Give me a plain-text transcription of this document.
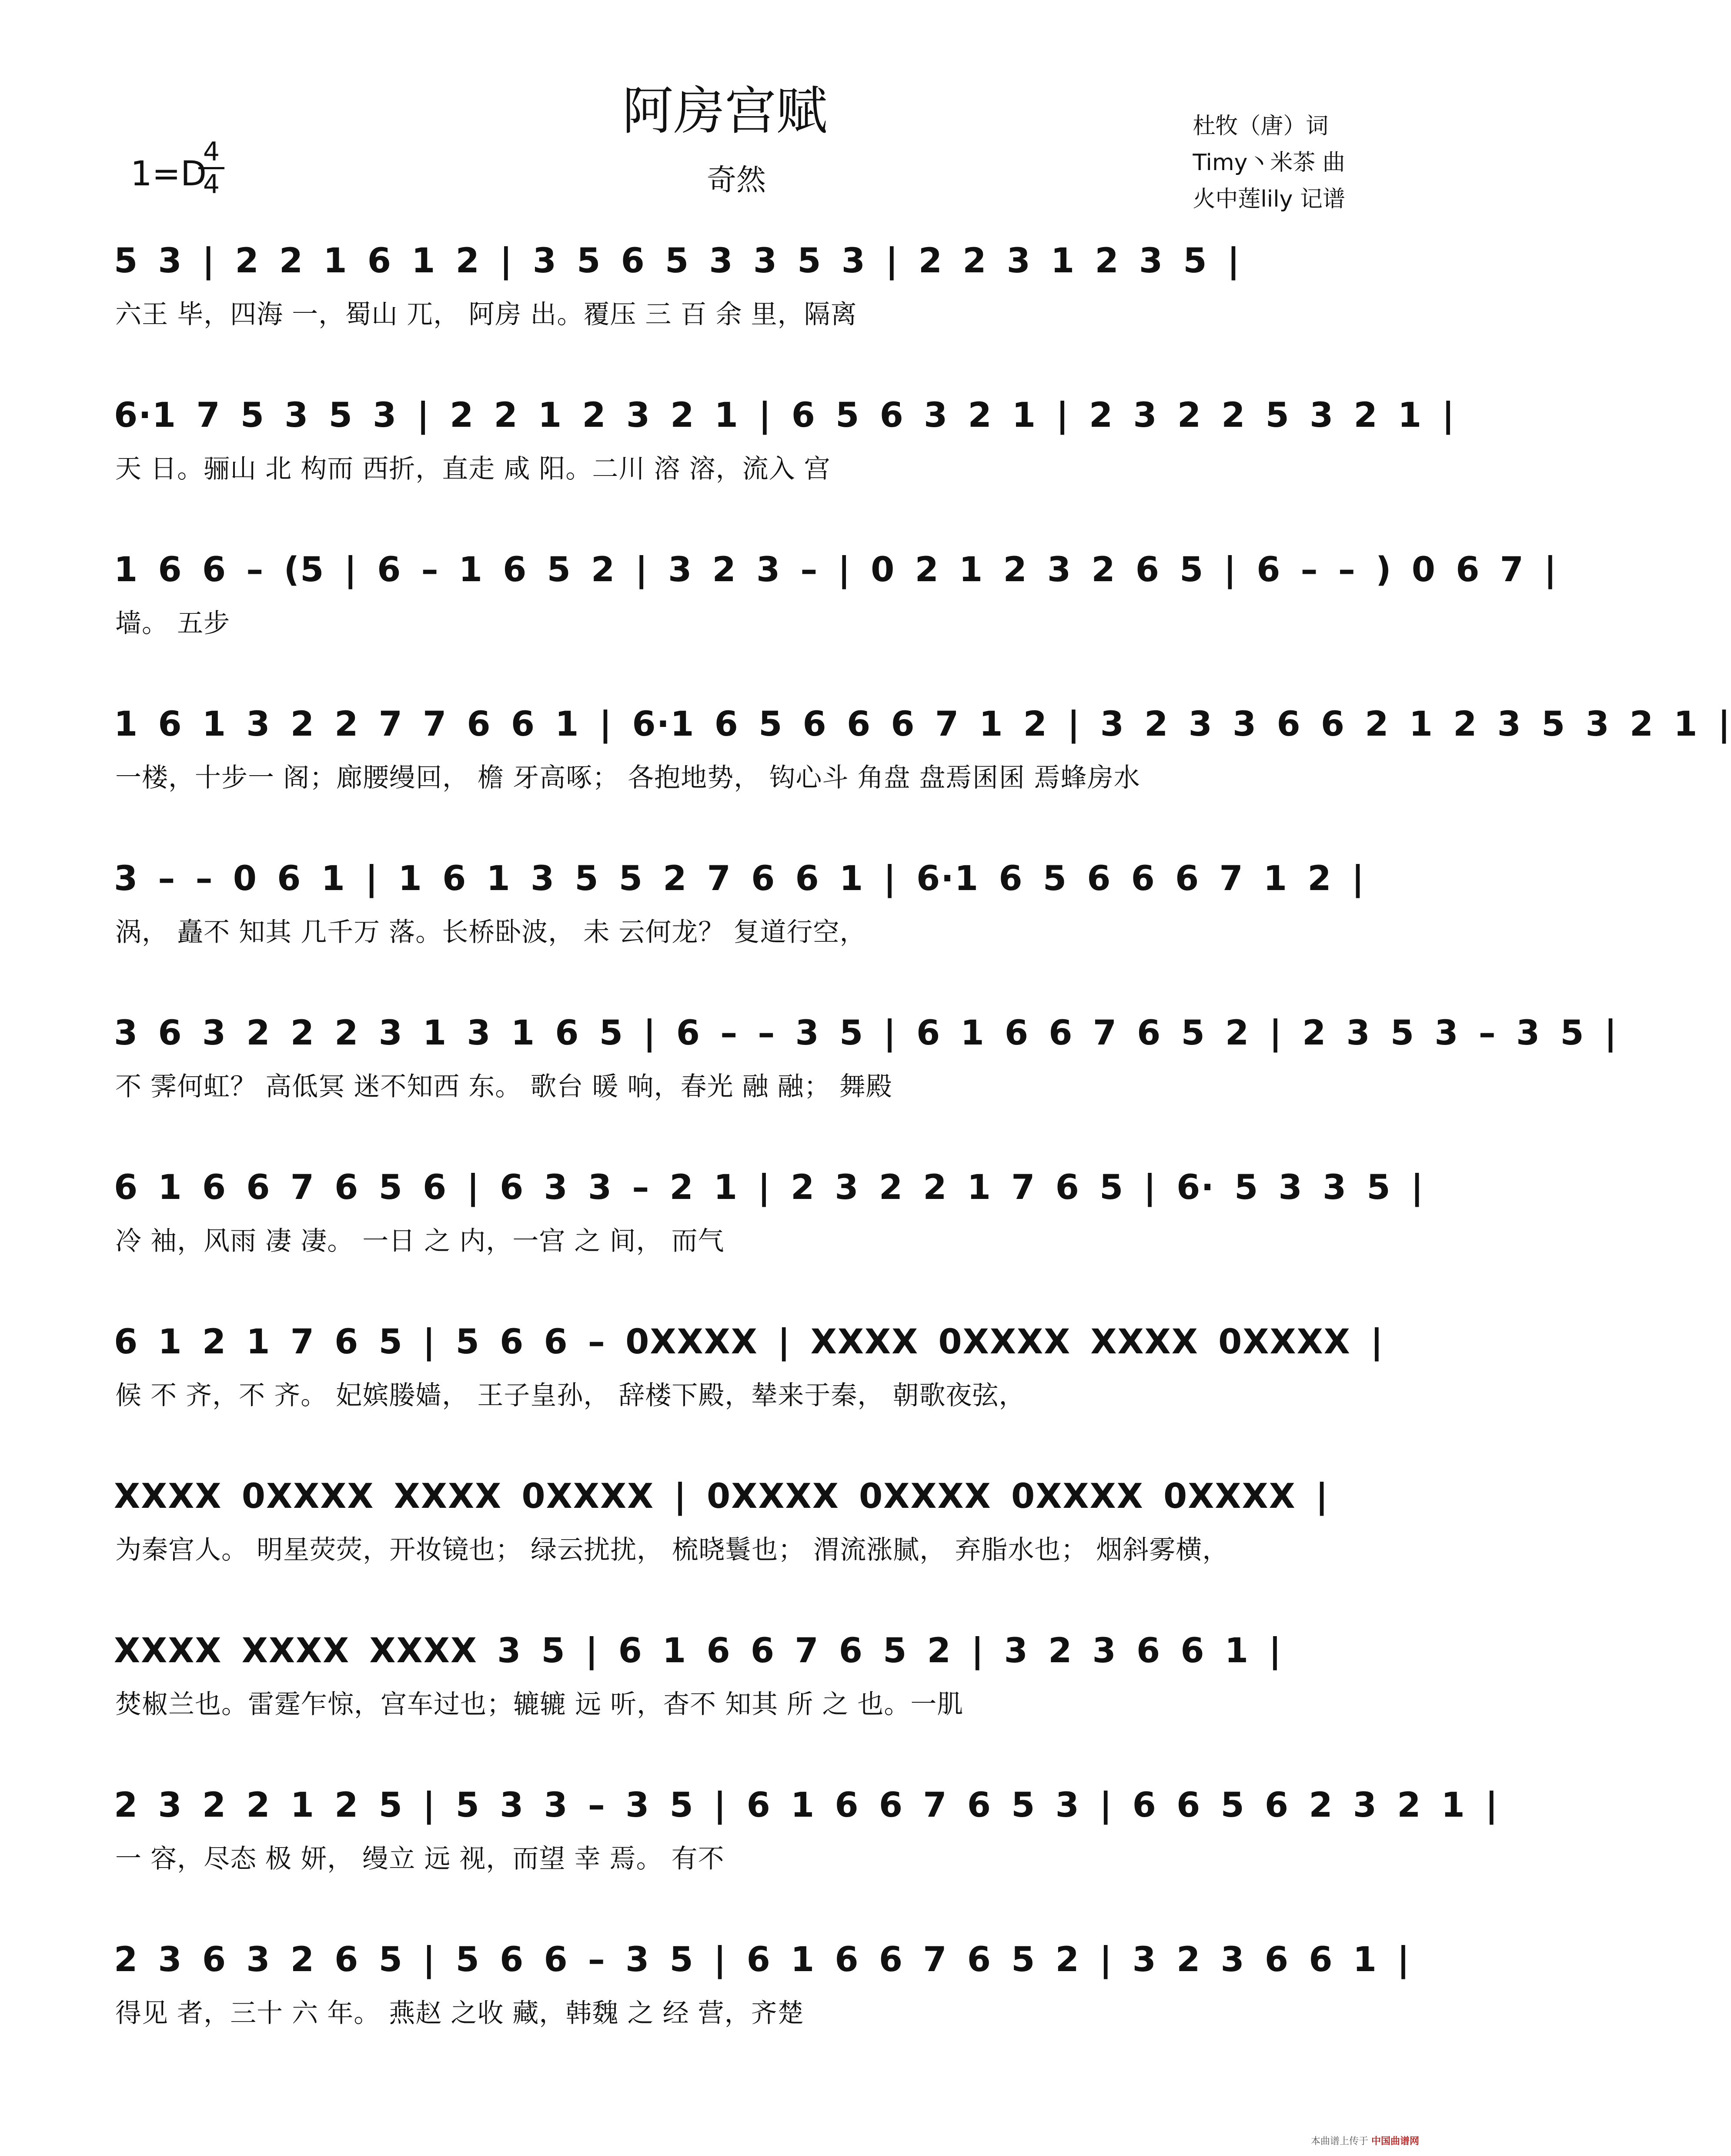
阿房宫赋
1=D
4
4	奇然
杜牧（唐）词
Timy丶米茶 曲
火中莲lily 记谱
5 3 | 2 2 1 6 1 2 | 3 5 6 5 3 3 5 3 | 2 2 3 1 2 3 5 |
六王 毕，四海 一，蜀山 兀， 阿房 出。覆压 三 百 余 里，隔离
6·1 7 5 3 5 3 | 2 2 1 2 3 2 1 | 6 5 6 3 2 1 | 2 3 2 2 5 3 2 1 |
天 日。骊山 北 构而 西折，直走 咸 阳。二川 溶 溶，流入 宫
1 6 6 – (5 | 6 – 1 6 5 2 | 3 2 3 – | 0 2 1 2 3 2 6 5 | 6 – – ) 0 6 7 |
墙。 五步
1 6 1 3 2 2 7 7 6 6 1 | 6·1 6 5 6 6 6 7 1 2 | 3 2 3 3 6 6 2 1 2 3 5 3 2 1 |
一楼，十步一 阁；廊腰缦回， 檐 牙高啄； 各抱地势， 钩心斗 角盘 盘焉囷囷 焉蜂房水
3 – – 0 6 1 | 1 6 1 3 5 5 2 7 6 6 1 | 6·1 6 5 6 6 6 7 1 2 |
涡， 矗不 知其 几千万 落。长桥卧波， 未 云何龙？ 复道行空，
3 6 3 2 2 2 3 1 3 1 6 5 | 6 – – 3 5 | 6 1 6 6 7 6 5 2 | 2 3 5 3 – 3 5 |
不 霁何虹？ 高低冥 迷不知西 东。 歌台 暖 响，春光 融 融； 舞殿
6 1 6 6 7 6 5 6 | 6 3 3 – 2 1 | 2 3 2 2 1 7 6 5 | 6· 5 3 3 5 |
冷 袖，风雨 凄 凄。 一日 之 内，一宫 之 间， 而气
6 1 2 1 7 6 5 | 5 6 6 – 0XXXX | XXXX 0XXXX XXXX 0XXXX |
候 不 齐，不 齐。 妃嫔媵嫱， 王子皇孙， 辞楼下殿，辇来于秦， 朝歌夜弦，
XXXX 0XXXX XXXX 0XXXX | 0XXXX 0XXXX 0XXXX 0XXXX |
为秦宫人。 明星荧荧，开妆镜也； 绿云扰扰， 梳晓鬟也； 渭流涨腻， 弃脂水也； 烟斜雾横，
XXXX XXXX XXXX 3 5 | 6 1 6 6 7 6 5 2 | 3 2 3 6 6 1 |
焚椒兰也。雷霆乍惊，宫车过也；辘辘 远 听，杳不 知其 所 之 也。一肌
2 3 2 2 1 2 5 | 5 3 3 – 3 5 | 6 1 6 6 7 6 5 3 | 6 6 5 6 2 3 2 1 |
一 容，尽态 极 妍， 缦立 远 视，而望 幸 焉。 有不
2 3 6 3 2 6 5 | 5 6 6 – 3 5 | 6 1 6 6 7 6 5 2 | 3 2 3 6 6 1 |
得见 者，三十 六 年。 燕赵 之收 藏，韩魏 之 经 营，齐楚
本曲谱上传于 中国曲谱网
